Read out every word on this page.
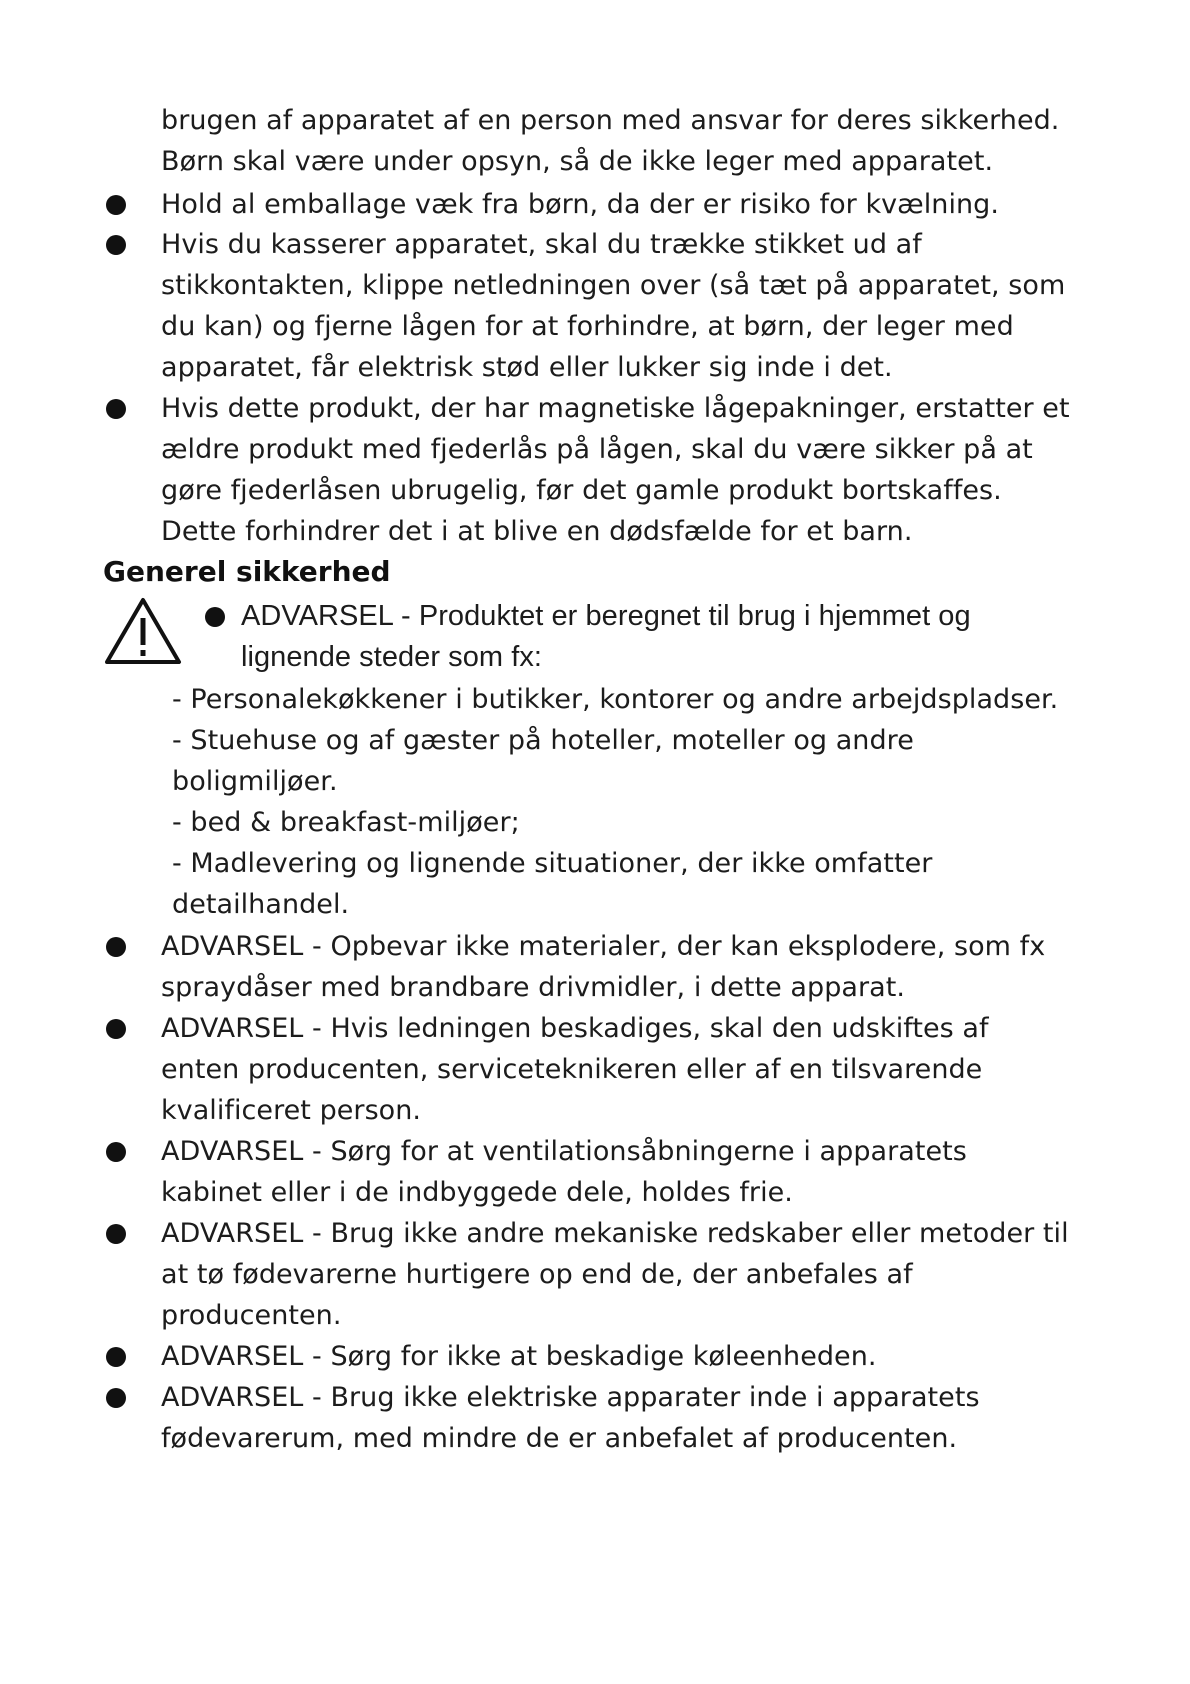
brugen af apparatet af en person med ansvar for deres sikkerhed.
Børn skal være under opsyn, så de ikke leger med apparatet.
Hold al emballage væk fra børn, da der er risiko for kvælning.
Hvis du kasserer apparatet, skal du trække stikket ud af
stikkontakten, klippe netledningen over (så tæt på apparatet, som
du kan) og fjerne lågen for at forhindre, at børn, der leger med
apparatet, får elektrisk stød eller lukker sig inde i det.
Hvis dette produkt, der har magnetiske lågepakninger, erstatter et
ældre produkt med fjederlås på lågen, skal du være sikker på at
gøre fjederlåsen ubrugelig, før det gamle produkt bortskaffes.
Dette forhindrer det i at blive en dødsfælde for et barn.
Generel sikkerhed
ADVARSEL - Produktet er beregnet til brug i hjemmet og
lignende steder som fx:
- Personalekøkkener i butikker, kontorer og andre arbejdspladser.
- Stuehuse og af gæster på hoteller, moteller og andre
boligmiljøer.
- bed & breakfast-miljøer;
- Madlevering og lignende situationer, der ikke omfatter
detailhandel.
ADVARSEL - Opbevar ikke materialer, der kan eksplodere, som fx
spraydåser med brandbare drivmidler, i dette apparat.
ADVARSEL - Hvis ledningen beskadiges, skal den udskiftes af
enten producenten, serviceteknikeren eller af en tilsvarende
kvalificeret person.
ADVARSEL - Sørg for at ventilationsåbningerne i apparatets
kabinet eller i de indbyggede dele, holdes frie.
ADVARSEL - Brug ikke andre mekaniske redskaber eller metoder til
at tø fødevarerne hurtigere op end de, der anbefales af
producenten.
ADVARSEL - Sørg for ikke at beskadige køleenheden.
ADVARSEL - Brug ikke elektriske apparater inde i apparatets
fødevarerum, med mindre de er anbefalet af producenten.
